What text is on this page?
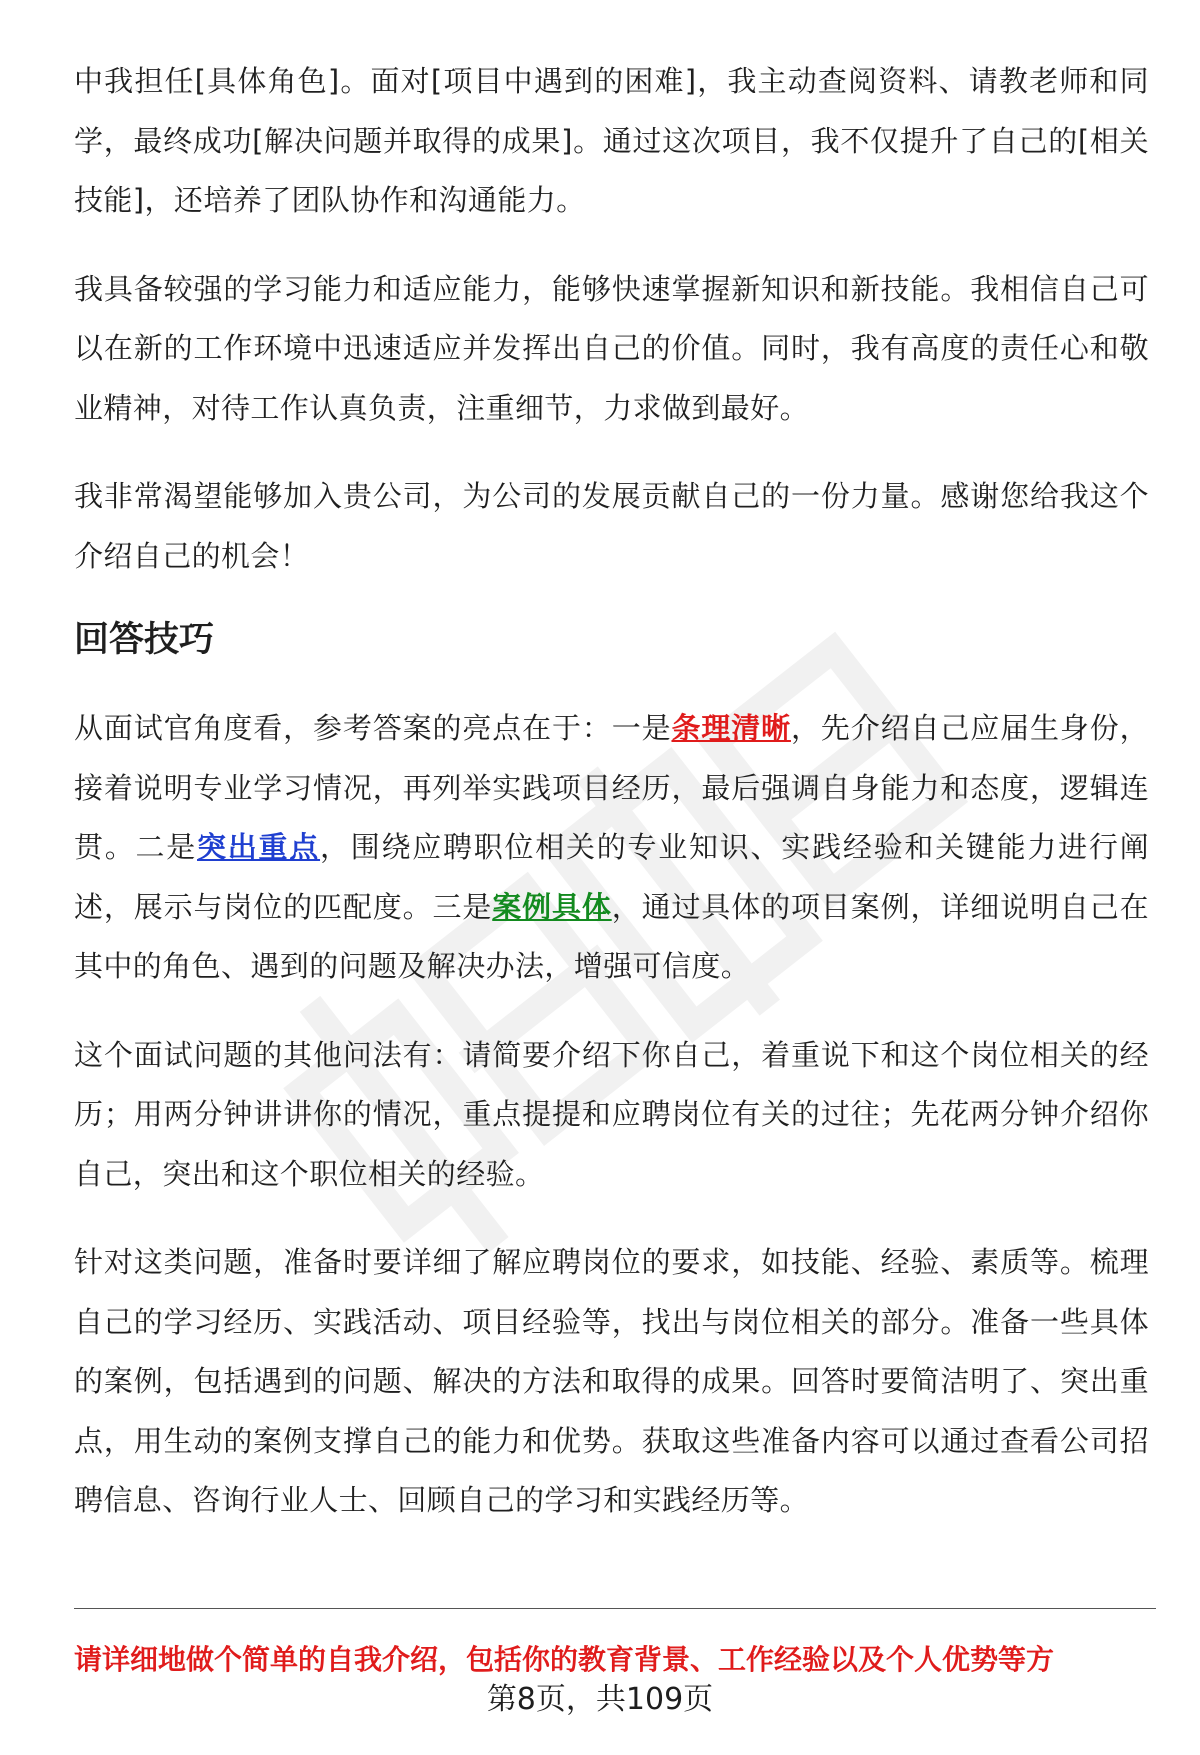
中我担任[具体角色]。面对[项目中遇到的困难]，我主动查阅资料、请教老师和同学，最终成功[解决问题并取得的成果]。通过这次项目，我不仅提升了自己的[相关技能]，还培养了团队协作和沟通能力。

我具备较强的学习能力和适应能力，能够快速掌握新知识和新技能。我相信自己可以在新的工作环境中迅速适应并发挥出自己的价值。同时，我有高度的责任心和敬业精神，对待工作认真负责，注重细节，力求做到最好。

我非常渴望能够加入贵公司，为公司的发展贡献自己的一份力量。感谢您给我这个介绍自己的机会！

回答技巧

从面试官角度看，参考答案的亮点在于：一是条理清晰，先介绍自己应届生身份，接着说明专业学习情况，再列举实践项目经历，最后强调自身能力和态度，逻辑连贯。二是突出重点，围绕应聘职位相关的专业知识、实践经验和关键能力进行阐述，展示与岗位的匹配度。三是案例具体，通过具体的项目案例，详细说明自己在其中的角色、遇到的问题及解决办法，增强可信度。

这个面试问题的其他问法有：请简要介绍下你自己，着重说下和这个岗位相关的经历；用两分钟讲讲你的情况，重点提提和应聘岗位有关的过往；先花两分钟介绍你自己，突出和这个职位相关的经验。

针对这类问题，准备时要详细了解应聘岗位的要求，如技能、经验、素质等。梳理自己的学习经历、实践活动、项目经验等，找出与岗位相关的部分。准备一些具体的案例，包括遇到的问题、解决的方法和取得的成果。回答时要简洁明了、突出重点，用生动的案例支撑自己的能力和优势。获取这些准备内容可以通过查看公司招聘信息、咨询行业人士、回顾自己的学习和实践经历等。

请详细地做个简单的自我介绍，包括你的教育背景、工作经验以及个人优势等方
第8页，共109页
